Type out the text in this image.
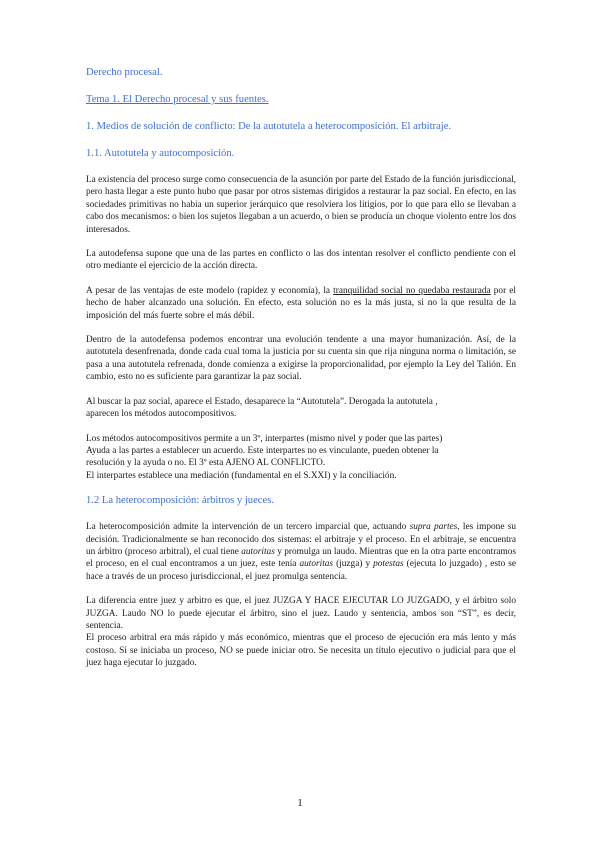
Derecho procesal.

Tema 1. El Derecho procesal y sus fuentes.

1. Medios de solución de conflicto: De la autotutela a heterocomposición. El arbitraje.

1.1. Autotutela y autocomposición.

La existencia del proceso surge como consecuencia de la asunción por parte del Estado de la función jurisdiccional, pero hasta llegar a este punto hubo que pasar por otros sistemas dirigidos a restaurar la paz social. En efecto, en las sociedades primitivas no había un superior jerárquico que resolviera los litigios, por lo que para ello se llevaban a cabo dos mecanismos: o bien los sujetos llegaban a un acuerdo, o bien se producía un choque violento entre los dos interesados.

La autodefensa supone que una de las partes en conflicto o las dos intentan resolver el conflicto pendiente con el otro mediante el ejercicio de la acción directa.

A pesar de las ventajas de este modelo (rapidez y economía), la tranquilidad social no quedaba restaurada por el hecho de haber alcanzado una solución. En efecto, esta solución no es la más justa, si no la que resulta de la imposición del más fuerte sobre el más débil.

Dentro de la autodefensa podemos encontrar una evolución tendente a una mayor humanización. Así, de la autotutela desenfrenada, donde cada cual toma la justicia por su cuenta sin que rija ninguna norma o limitación, se pasa a una autotutela refrenada, donde comienza a exigirse la proporcionalidad, por ejemplo la Ley del Talión. En cambio, esto no es suficiente para garantizar la paz social.

Al buscar la paz social, aparece el Estado, desaparece la “Autotutela”. Derogada la autotutela ,
aparecen los métodos autocompositivos.

Los métodos autocompositivos permite a un 3º, interpartes (mismo nivel y poder que las partes)
Ayuda a las partes a establecer un acuerdo. Este interpartes no es vinculante, pueden obtener la
resolución y la ayuda o no. El 3º esta AJENO AL CONFLICTO.
El interpartes establece una mediación (fundamental en el S.XXI) y la conciliación.

1.2 La heterocomposición: árbitros y jueces.

La heterocomposición admite la intervención de un tercero imparcial que, actuando supra partes, les impone su decisión. Tradicionalmente se han reconocido dos sistemas: el arbitraje y el proceso. En el arbitraje, se encuentra un árbitro (proceso arbitral), el cual tiene autoritas y promulga un laudo. Mientras que en la otra parte encontramos el proceso, en el cual encontramos a un juez, este tenía autoritas (juzga) y potestas (ejecuta lo juzgado) , esto se hace a través de un proceso jurisdiccional, el juez promulga sentencia.

La diferencia entre juez y arbitro es que, el juez JUZGA Y HACE EJECUTAR LO JUZGADO, y el árbitro solo JUZGA. Laudo NO lo puede ejecutar el árbitro, sino el juez. Laudo y sentencia, ambos son “ST”, es decir, sentencia.
El proceso arbitral era más rápido y más económico, mientras que el proceso de ejecución era más lento y más costoso. Si se iniciaba un proceso, NO se puede iniciar otro. Se necesita un título ejecutivo o judicial para que el juez haga ejecutar lo juzgado.

1
